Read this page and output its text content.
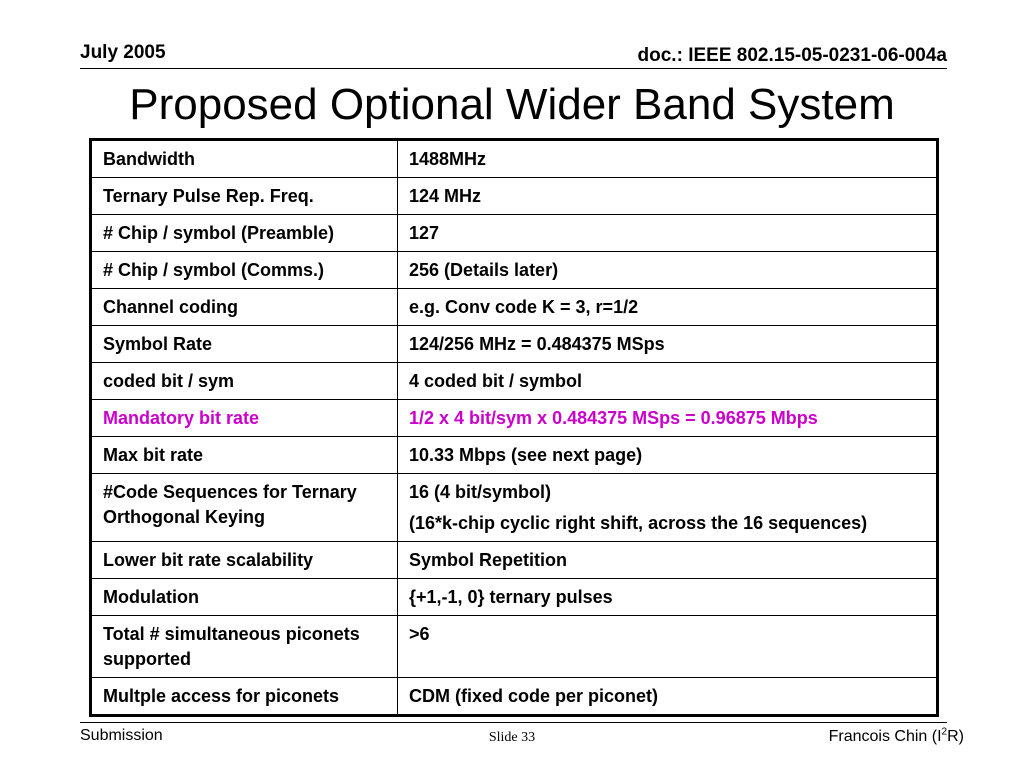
July 2005	doc.: IEEE 802.15-05-0231-06-004a
Proposed Optional Wider Band System
Bandwidth	1488MHz

Ternary Pulse Rep. Freq.	124 MHz

# Chip / symbol (Preamble)	127

# Chip / symbol (Comms.)	256 (Details later)

Channel coding	e.g. Conv code K = 3, r=1/2

Symbol Rate	124/256 MHz = 0.484375 MSps

coded bit / sym	4 coded bit / symbol

Mandatory bit rate	1/2 x 4 bit/sym x 0.484375 MSps = 0.96875 Mbps

Max bit rate	10.33 Mbps (see next page)

#Code Sequences for Ternary Orthogonal Keying	16 (4 bit/symbol)
(16*k-chip cyclic right shift, across the 16 sequences)

Lower bit rate scalability	Symbol Repetition

Modulation	{+1,-1, 0} ternary pulses

Total # simultaneous piconets supported	>6

Multple access for piconets	CDM (fixed code per piconet)
Submission	Slide 33	Francois Chin $(I^2R)$
